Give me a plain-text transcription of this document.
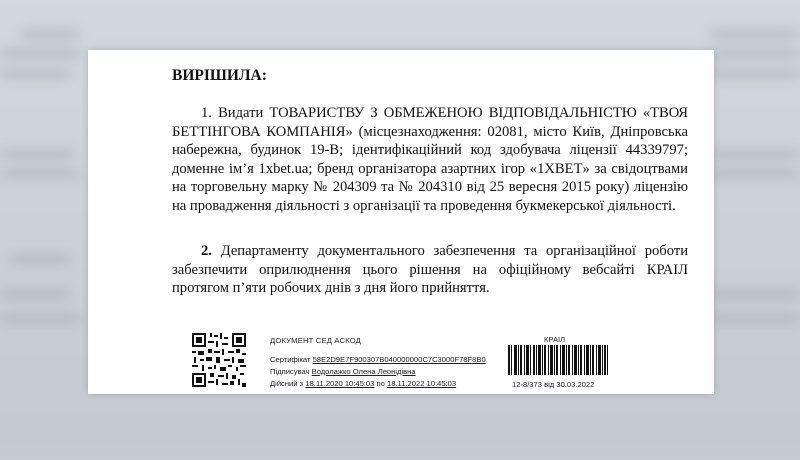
ВИРІШИЛА:
1. Видати ТОВАРИСТВУ З ОБМЕЖЕНОЮ ВІДПОВІДАЛЬНІСТЮ «ТВОЯ БЕТТІНГОВА КОМПАНІЯ» (місцезнаходження: 02081, місто Київ, Дніпровська набережна, будинок 19-В; ідентифікаційний код здобувача ліцензії 44339797; доменне ім’я 1xbet.ua; бренд організатора азартних ігор «1XBET» за свідоцтвами на торговельну марку № 204309 та № 204310 від 25 вересня 2015 року) ліцензію на провадження діяльності з організації та проведення букмекерської діяльності.
2. Департаменту документального забезпечення та організаційної роботи забезпечити оприлюднення цього рішення на офіційному вебсайті КРАІЛ протягом п’яти робочих днів з дня його прийняття.
ДОКУМЕНТ СЕД АСКОД
Сертифікат 58E2D9E7F900307B040000000C7C3000F78F8B0
Підписувач Водолажко Олена Леонідівна
Дійсний з 18.11.2020 10:45:03 по 18.11.2022 10:45:03
КРАІЛ
12-8/373 від 30.03.2022
